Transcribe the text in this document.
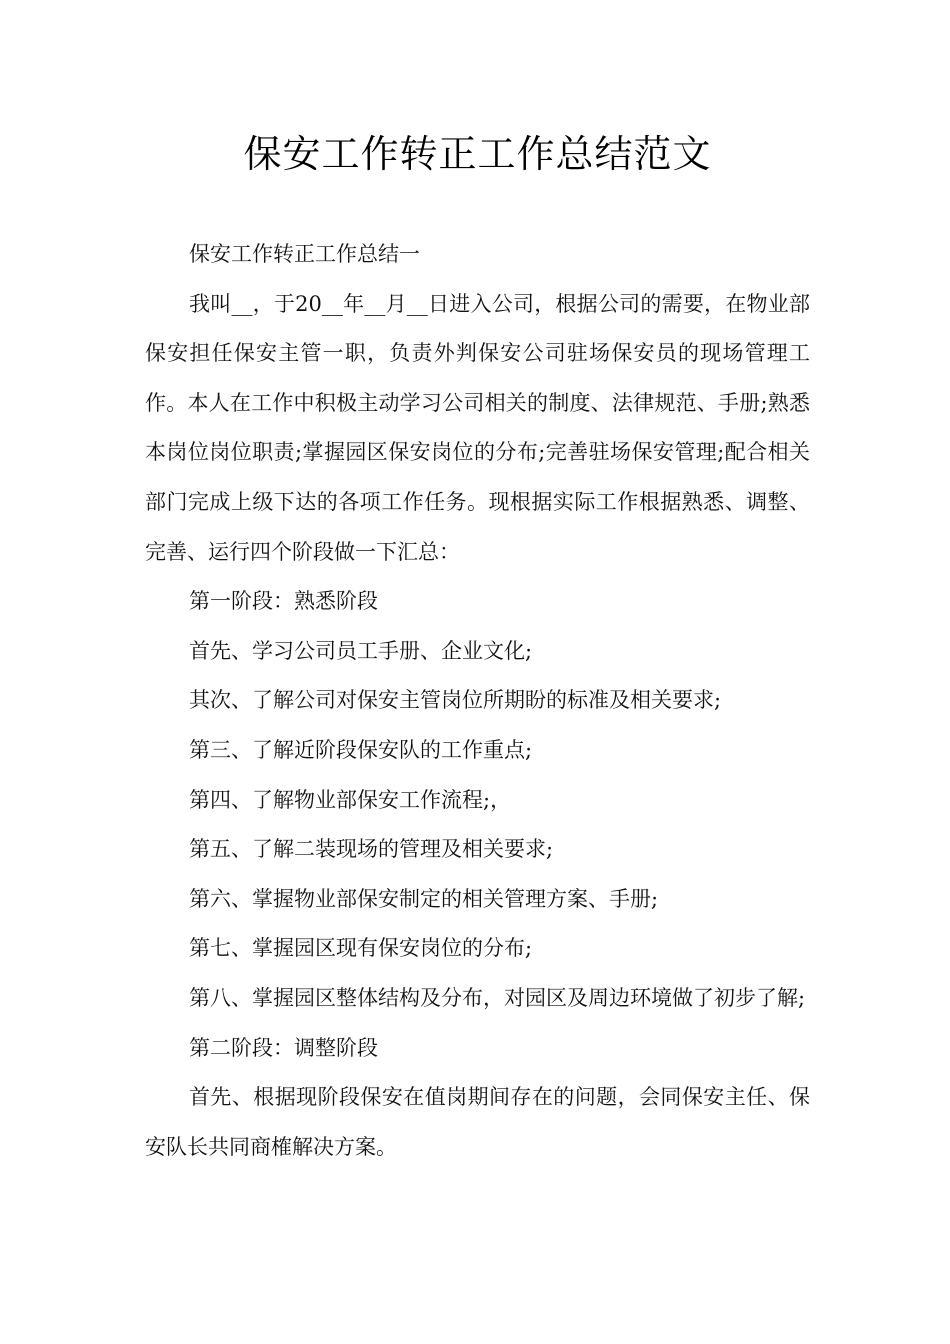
保安工作转正工作总结范文

保安工作转正工作总结一

我叫__，于20__年__月__日进入公司，根据公司的需要，在物业部保安担任保安主管一职，负责外判保安公司驻场保安员的现场管理工作。本人在工作中积极主动学习公司相关的制度、法律规范、手册;熟悉本岗位岗位职责;掌握园区保安岗位的分布;完善驻场保安管理;配合相关部门完成上级下达的各项工作任务。现根据实际工作根据熟悉、调整、完善、运行四个阶段做一下汇总：

第一阶段：熟悉阶段

首先、学习公司员工手册、企业文化;

其次、了解公司对保安主管岗位所期盼的标准及相关要求;

第三、了解近阶段保安队的工作重点;

第四、了解物业部保安工作流程;，

第五、了解二装现场的管理及相关要求;

第六、掌握物业部保安制定的相关管理方案、手册;

第七、掌握园区现有保安岗位的分布;

第八、掌握园区整体结构及分布，对园区及周边环境做了初步了解;

第二阶段：调整阶段

首先、根据现阶段保安在值岗期间存在的问题，会同保安主任、保安队长共同商榷解决方案。
